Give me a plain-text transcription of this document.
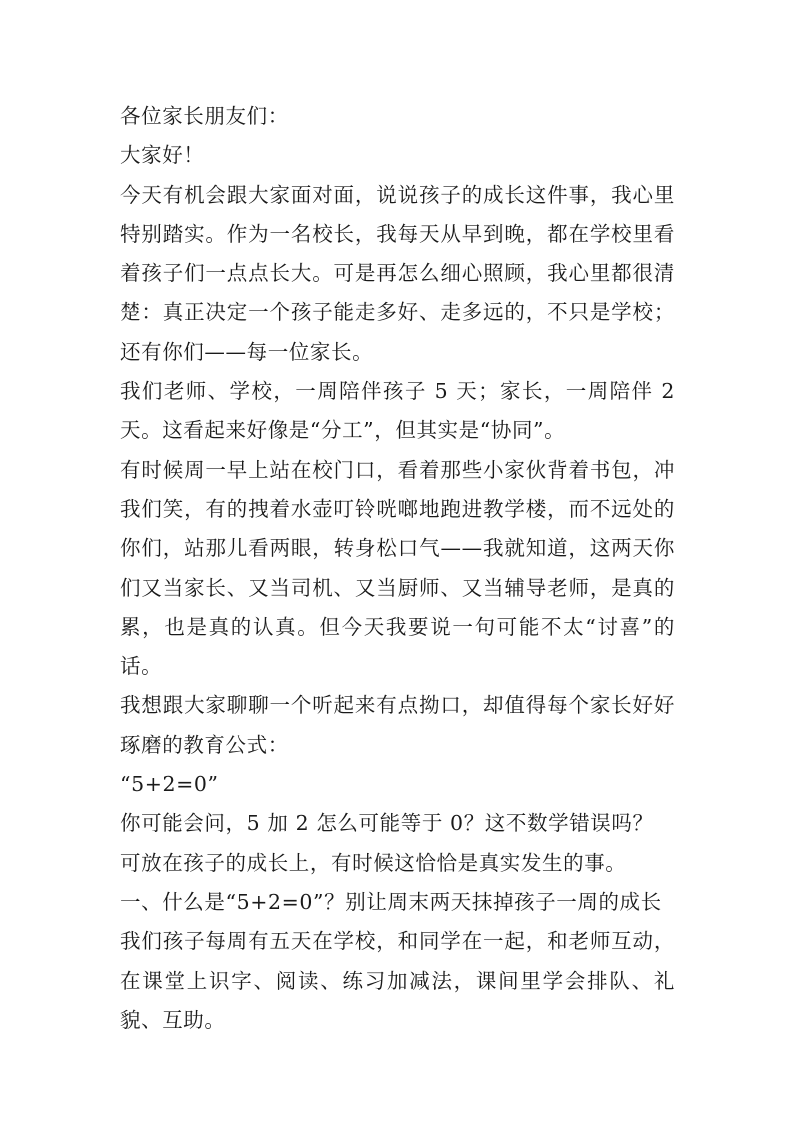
各位家长朋友们：

大家好！

今天有机会跟大家面对面，说说孩子的成长这件事，我心里特别踏实。作为一名校长，我每天从早到晚，都在学校里看着孩子们一点点长大。可是再怎么细心照顾，我心里都很清楚：真正决定一个孩子能走多好、走多远的，不只是学校；还有你们——每一位家长。

我们老师、学校，一周陪伴孩子 5 天；家长，一周陪伴 2 天。这看起来好像是“分工”，但其实是“协同”。

有时候周一早上站在校门口，看着那些小家伙背着书包，冲我们笑，有的拽着水壶叮铃咣啷地跑进教学楼，而不远处的你们，站那儿看两眼，转身松口气——我就知道，这两天你们又当家长、又当司机、又当厨师、又当辅导老师，是真的累，也是真的认真。但今天我要说一句可能不太“讨喜”的话。

我想跟大家聊聊一个听起来有点拗口，却值得每个家长好好琢磨的教育公式：

“5+2=0”

你可能会问，5 加 2 怎么可能等于 0？这不数学错误吗？

可放在孩子的成长上，有时候这恰恰是真实发生的事。

一、什么是“5+2=0”？别让周末两天抹掉孩子一周的成长

我们孩子每周有五天在学校，和同学在一起，和老师互动，在课堂上识字、阅读、练习加减法，课间里学会排队、礼貌、互助。
